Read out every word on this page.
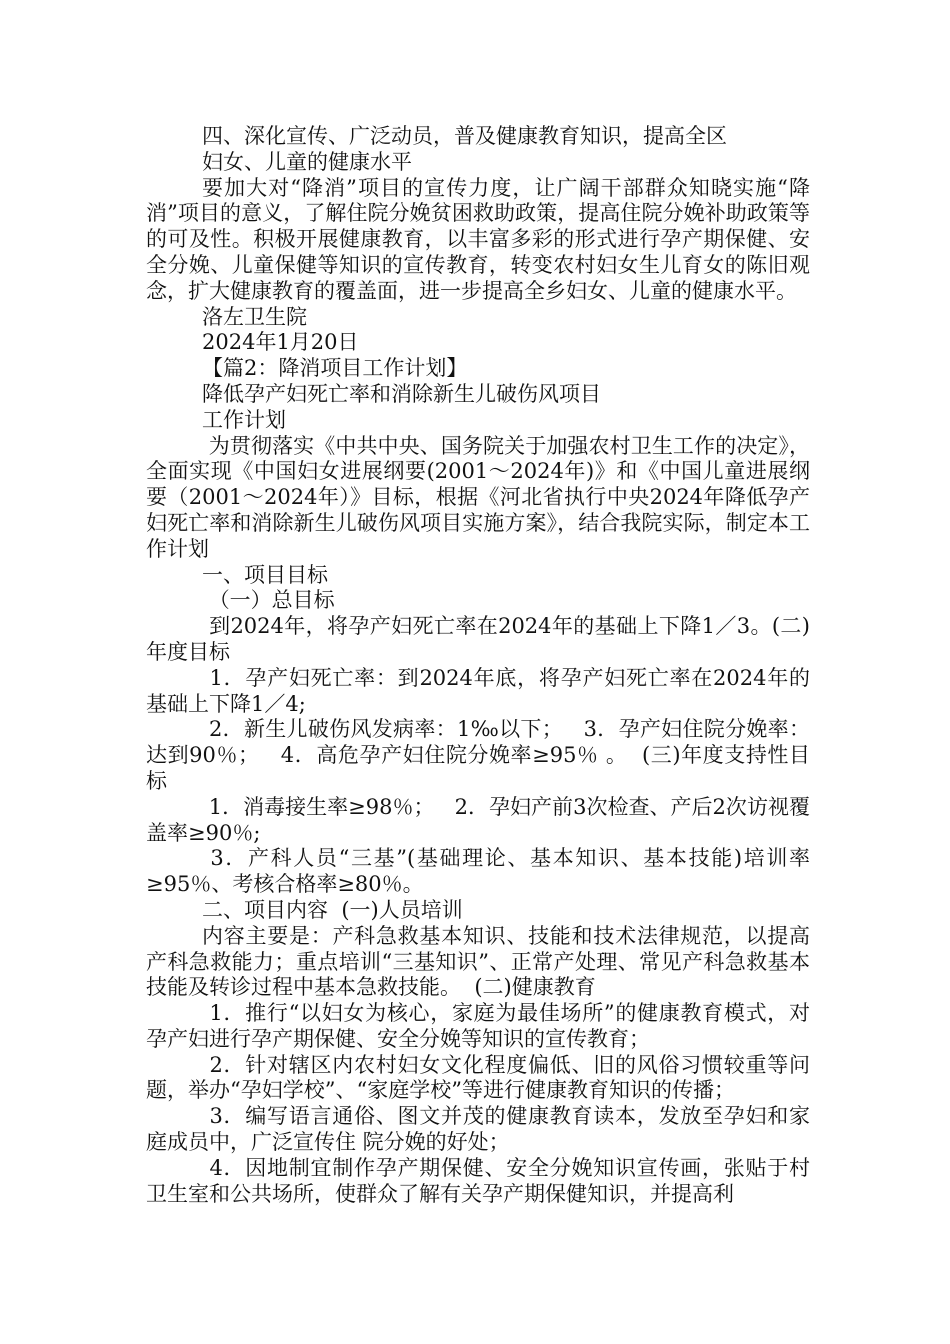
四、深化宣传、广泛动员，普及健康教育知识，提高全区

妇女、儿童的健康水平

要加大对“降消”项目的宣传力度，让广阔干部群众知晓实施“降消”项目的意义，了解住院分娩贫困救助政策，提高住院分娩补助政策等的可及性。积极开展健康教育，以丰富多彩的形式进行孕产期保健、安全分娩、儿童保健等知识的宣传教育，转变农村妇女生儿育女的陈旧观念，扩大健康教育的覆盖面，进一步提高全乡妇女、儿童的健康水平。

洛左卫生院

2024年1月20日

【篇2：降消项目工作计划】

降低孕产妇死亡率和消除新生儿破伤风项目

工作计划

为贯彻落实《中共中央、国务院关于加强农村卫生工作的决定》，全面实现《中国妇女进展纲要(2001～2024年)》和《中国儿童进展纲要（2001～2024年）》目标，根据《河北省执行中央2024年降低孕产妇死亡率和消除新生儿破伤风项目实施方案》，结合我院实际，制定本工作计划

一、项目目标

（一）总目标

到2024年，将孕产妇死亡率在2024年的基础上下降1／3。(二)年度目标

1．孕产妇死亡率：到2024年底，将孕产妇死亡率在2024年的基础上下降1／4;

2．新生儿破伤风发病率：1‰以下；   3．孕产妇住院分娩率：达到90％；   4．高危孕产妇住院分娩率≥95％ 。  (三)年度支持性目标

1．消毒接生率≥98％；   2．孕妇产前3次检查、产后2次访视覆盖率≥90％;

3．产科人员“三基”(基础理论、基本知识、基本技能)培训率≥95％、考核合格率≥80％。

二、项目内容  (一)人员培训

内容主要是：产科急救基本知识、技能和技术法律规范，以提高产科急救能力；重点培训“三基知识”、正常产处理、常见产科急救基本技能及转诊过程中基本急救技能。  (二)健康教育

1．推行“以妇女为核心，家庭为最佳场所”的健康教育模式，对孕产妇进行孕产期保健、安全分娩等知识的宣传教育；

2．针对辖区内农村妇女文化程度偏低、旧的风俗习惯较重等问题，举办“孕妇学校”、“家庭学校”等进行健康教育知识的传播；

3．编写语言通俗、图文并茂的健康教育读本，发放至孕妇和家庭成员中，广泛宣传住 院分娩的好处；

4．因地制宜制作孕产期保健、安全分娩知识宣传画，张贴于村卫生室和公共场所，使群众了解有关孕产期保健知识，并提高利
